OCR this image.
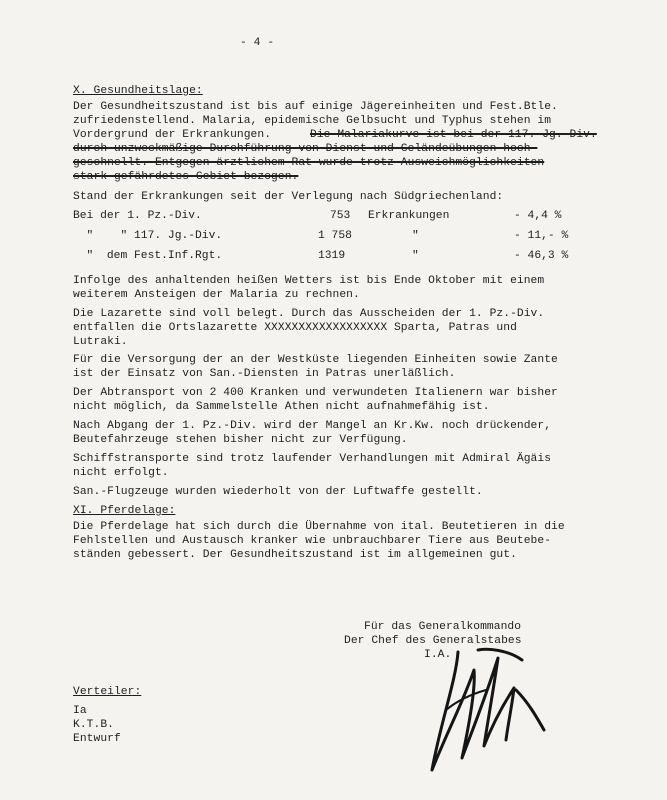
- 4 -
X. Gesundheitslage:
Der Gesundheitszustand ist bis auf einige Jägereinheiten und Fest.Btle.
zufriedenstellend. Malaria, epidemische Gelbsucht und Typhus stehen im
Vordergrund der Erkrankungen.	Die Malariakurve ist bei der 117. Jg.-Div.
durch unzweckmäßige Durchführung von Dienst und Geländeübungen hoch-
geschnellt. Entgegen ärztlichem Rat wurde trotz Ausweichmöglichkeiten
stark gefährdetes Gebiet bezogen.
Stand der Erkrankungen seit der Verlegung nach Südgriechenland:
Bei der 1. Pz.-Div.	753 Erkrankungen	- 4,4 %
"    " 117. Jg.-Div.	1 758	"	- 11,- %
"  dem Fest.Inf.Rgt.	1319	"	- 46,3 %
Infolge des anhaltenden heißen Wetters ist bis Ende Oktober mit einem
weiterem Ansteigen der Malaria zu rechnen.
Die Lazarette sind voll belegt. Durch das Ausscheiden der 1. Pz.-Div.
entfallen die Ortslazarette XXXXXXXXXXXXXXXXXX Sparta, Patras und
Lutraki.
Für die Versorgung der an der Westküste liegenden Einheiten sowie Zante
ist der Einsatz von San.-Diensten in Patras unerläßlich.
Der Abtransport von 2 400 Kranken und verwundeten Italienern war bisher
nicht möglich, da Sammelstelle Athen nicht aufnahmefähig ist.
Nach Abgang der 1. Pz.-Div. wird der Mangel an Kr.Kw. noch drückender,
Beutefahrzeuge stehen bisher nicht zur Verfügung.
Schiffstransporte sind trotz laufender Verhandlungen mit Admiral Ägäis
nicht erfolgt.
San.-Flugzeuge wurden wiederholt von der Luftwaffe gestellt.
XI. Pferdelage:
Die Pferdelage hat sich durch die Übernahme von ital. Beutetieren in die
Fehlstellen und Austausch kranker wie unbrauchbarer Tiere aus Beutebe-
ständen gebessert. Der Gesundheitszustand ist im allgemeinen gut.
Für das Generalkommando
Der Chef des Generalstabes
I.A.
Verteiler:
Ia
K.T.B.
Entwurf
